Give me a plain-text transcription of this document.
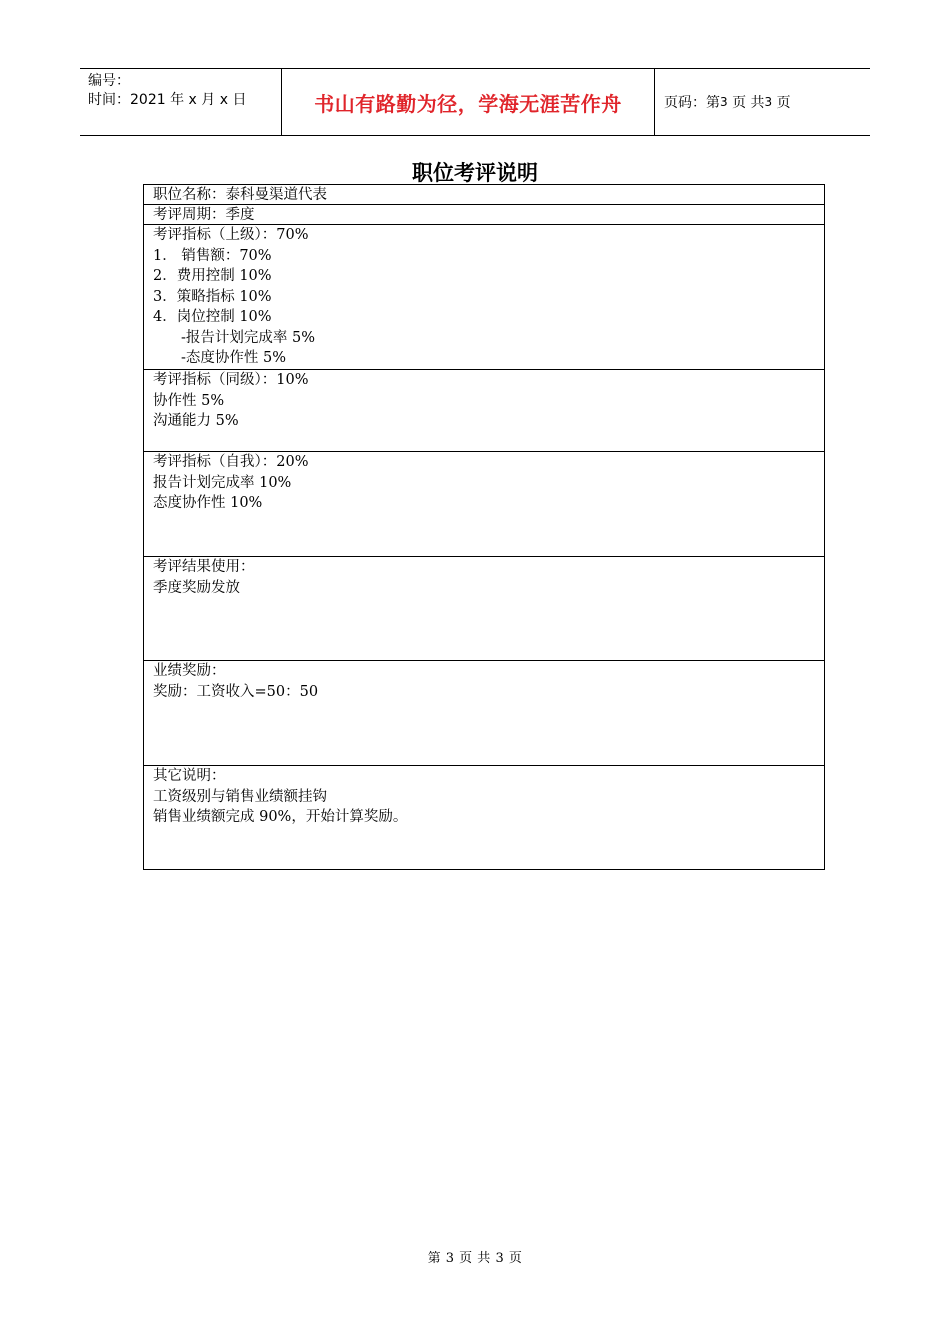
编号：
时间：2021 年 x 月 x 日	书山有路勤为径，学海无涯苦作舟	页码：第 3
页 共 3
页
职位考评说明
职位名称：泰科曼渠道代表
考评周期：季度
考评指标（上级）：70%
1． 销售额：70%
2．费用控制 10%
3．策略指标 10%
4．岗位控制 10%
-报告计划完成率 5%
-态度协作性 5%
考评指标（同级）：10%
协作性 5%
沟通能力 5%
考评指标（自我）：20%
报告计划完成率 10%
态度协作性 10%
考评结果使用：
季度奖励发放
业绩奖励：
奖励：工资收入=50：50
其它说明：
工资级别与销售业绩额挂钩
销售业绩额完成 90%，开始计算奖励。
第 3 页 共 3 页
